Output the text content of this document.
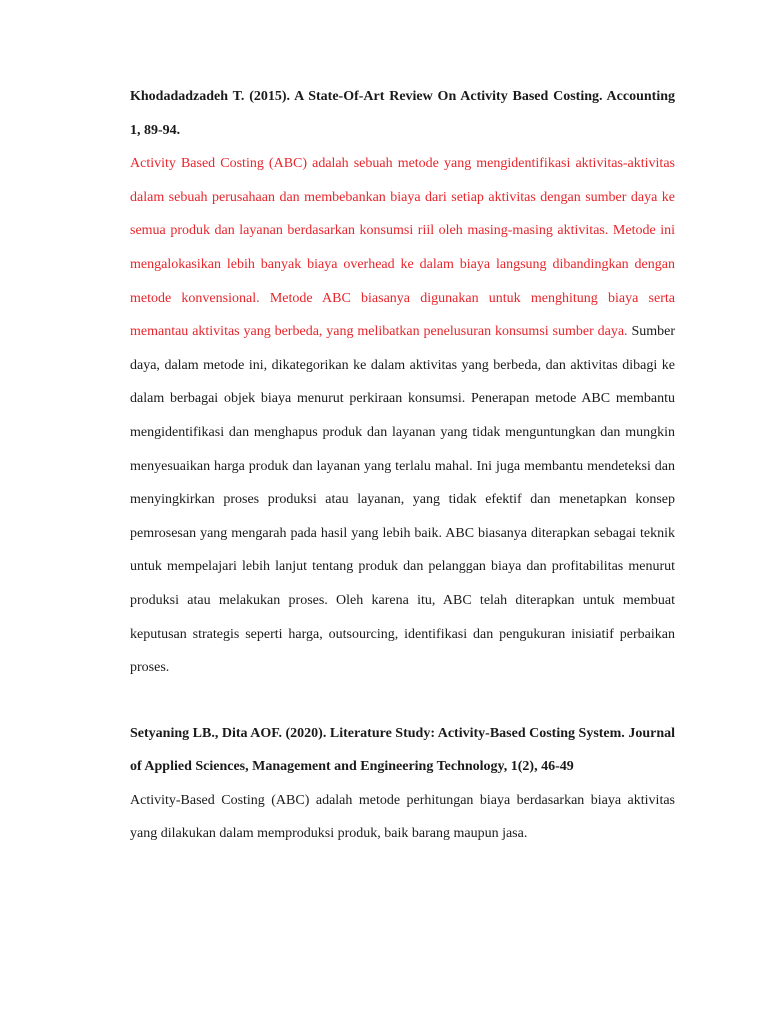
Khodadadzadeh T. (2015). A State-Of-Art Review On Activity Based Costing. Accounting 1, 89-94.

Activity Based Costing (ABC) adalah sebuah metode yang mengidentifikasi aktivitas-aktivitas dalam sebuah perusahaan dan membebankan biaya dari setiap aktivitas dengan sumber daya ke semua produk dan layanan berdasarkan konsumsi riil oleh masing-masing aktivitas. Metode ini mengalokasikan lebih banyak biaya overhead ke dalam biaya langsung dibandingkan dengan metode konvensional. Metode ABC biasanya digunakan untuk menghitung biaya serta memantau aktivitas yang berbeda, yang melibatkan penelusuran konsumsi sumber daya. Sumber daya, dalam metode ini, dikategorikan ke dalam aktivitas yang berbeda, dan aktivitas dibagi ke dalam berbagai objek biaya menurut perkiraan konsumsi. Penerapan metode ABC membantu mengidentifikasi dan menghapus produk dan layanan yang tidak menguntungkan dan mungkin menyesuaikan harga produk dan layanan yang terlalu mahal. Ini juga membantu mendeteksi dan menyingkirkan proses produksi atau layanan, yang tidak efektif dan menetapkan konsep pemrosesan yang mengarah pada hasil yang lebih baik. ABC biasanya diterapkan sebagai teknik untuk mempelajari lebih lanjut tentang produk dan pelanggan biaya dan profitabilitas menurut produksi atau melakukan proses. Oleh karena itu, ABC telah diterapkan untuk membuat keputusan strategis seperti harga, outsourcing, identifikasi dan pengukuran inisiatif perbaikan proses.

Setyaning LB., Dita AOF. (2020). Literature Study: Activity-Based Costing System. Journal of Applied Sciences, Management and Engineering Technology, 1(2), 46-49

Activity-Based Costing (ABC) adalah metode perhitungan biaya berdasarkan biaya aktivitas yang dilakukan dalam memproduksi produk, baik barang maupun jasa.
